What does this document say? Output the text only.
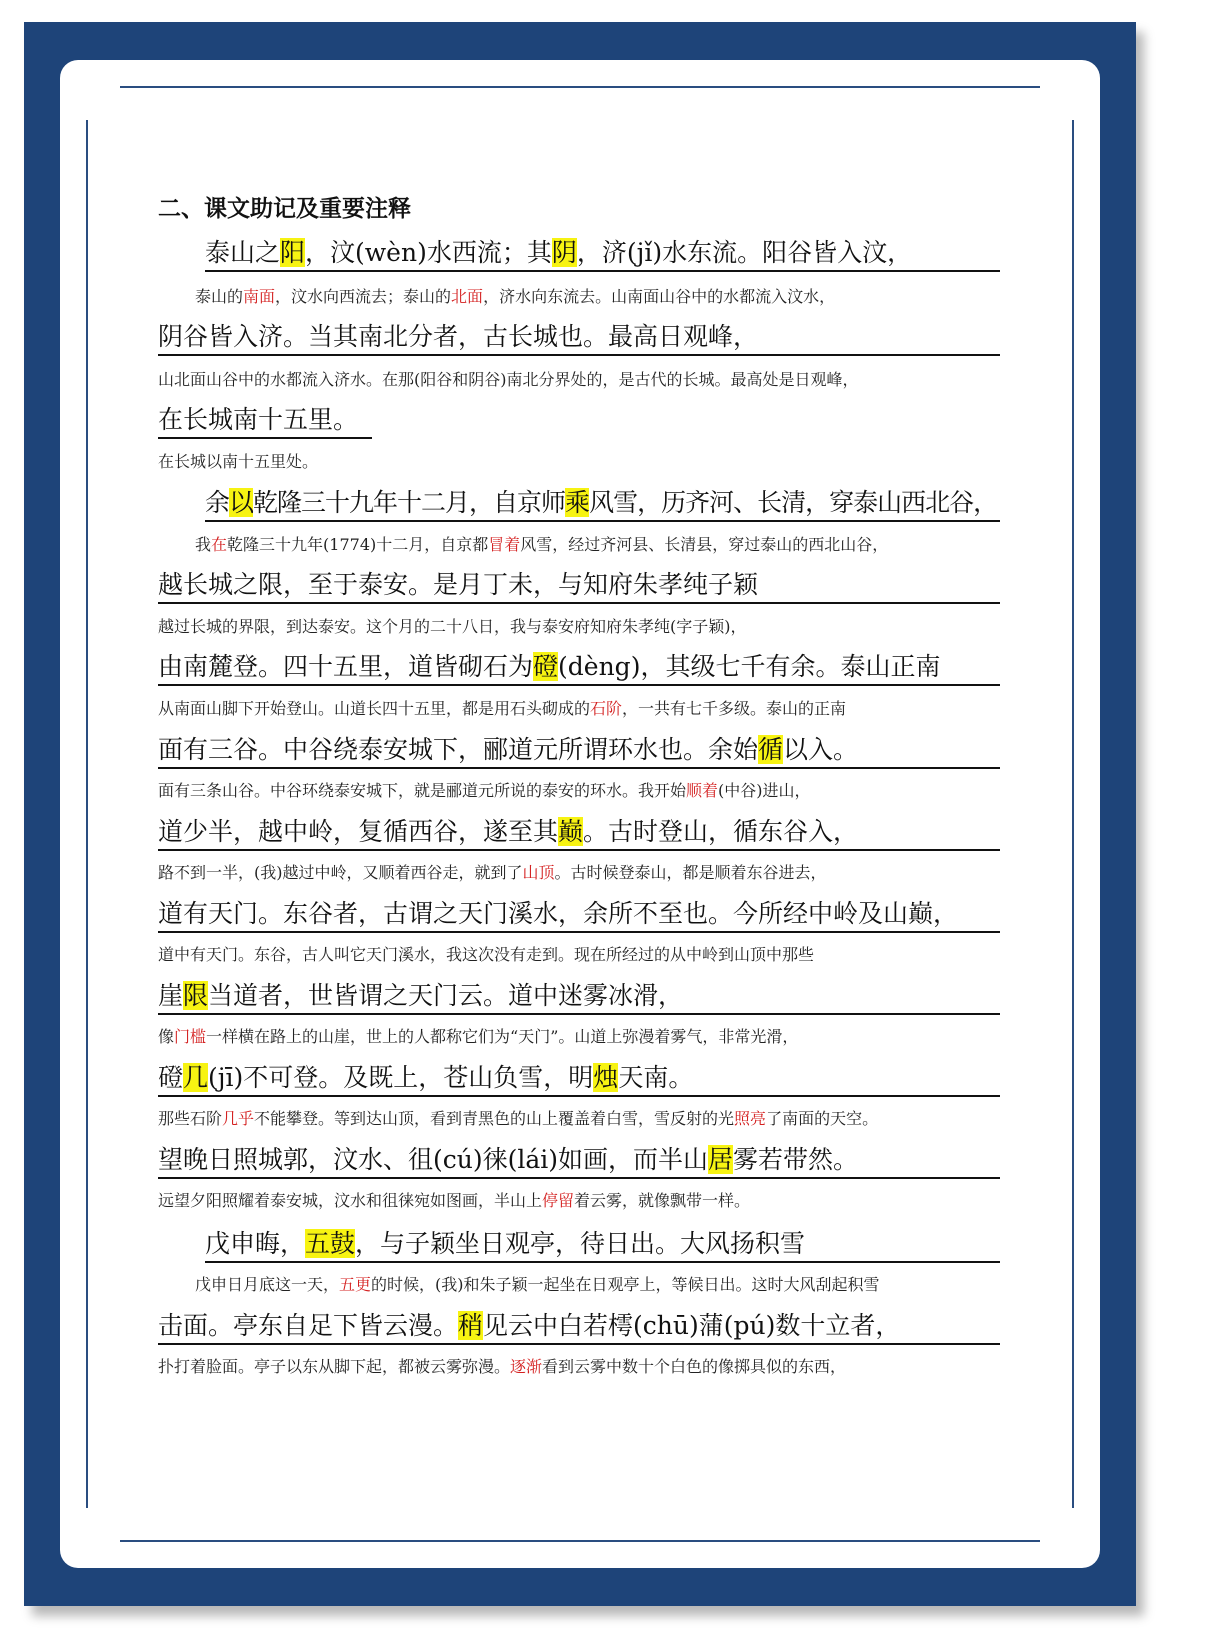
二、课文助记及重要注释
泰山之阳，汶(wèn)水西流；其阴，济(jǐ)水东流。阳谷皆入汶，
泰山的南面，汶水向西流去；泰山的北面，济水向东流去。山南面山谷中的水都流入汶水，
阴谷皆入济。当其南北分者，古长城也。最高日观峰，
山北面山谷中的水都流入济水。在那(阳谷和阴谷)南北分界处的，是古代的长城。最高处是日观峰，
在长城南十五里。
在长城以南十五里处。
余以乾隆三十九年十二月，自京师乘风雪，历齐河、长清，穿泰山西北谷，
我在乾隆三十九年(1774)十二月，自京都冒着风雪，经过齐河县、长清县，穿过泰山的西北山谷，
越长城之限，至于泰安。是月丁未，与知府朱孝纯子颖
越过长城的界限，到达泰安。这个月的二十八日，我与泰安府知府朱孝纯(字子颖)，
由南麓登。四十五里，道皆砌石为磴(dèng)，其级七千有余。泰山正南
从南面山脚下开始登山。山道长四十五里，都是用石头砌成的石阶，一共有七千多级。泰山的正南
面有三谷。中谷绕泰安城下，郦道元所谓环水也。余始循以入。
面有三条山谷。中谷环绕泰安城下，就是郦道元所说的泰安的环水。我开始顺着(中谷)进山，
道少半，越中岭，复循西谷，遂至其巅。古时登山，循东谷入，
路不到一半，(我)越过中岭，又顺着西谷走，就到了山顶。古时候登泰山，都是顺着东谷进去，
道有天门。东谷者，古谓之天门溪水，余所不至也。今所经中岭及山巅，
道中有天门。东谷，古人叫它天门溪水，我这次没有走到。现在所经过的从中岭到山顶中那些
崖限当道者，世皆谓之天门云。道中迷雾冰滑，
像门槛一样横在路上的山崖，世上的人都称它们为“天门”。山道上弥漫着雾气，非常光滑，
磴几(jī)不可登。及既上，苍山负雪，明烛天南。
那些石阶几乎不能攀登。等到达山顶，看到青黑色的山上覆盖着白雪，雪反射的光照亮了南面的天空。
望晚日照城郭，汶水、徂(cú)徕(lái)如画，而半山居雾若带然。
远望夕阳照耀着泰安城，汶水和徂徕宛如图画，半山上停留着云雾，就像飘带一样。
戊申晦，五鼓，与子颖坐日观亭，待日出。大风扬积雪
戊申日月底这一天，五更的时候，(我)和朱子颖一起坐在日观亭上，等候日出。这时大风刮起积雪
击面。亭东自足下皆云漫。稍见云中白若樗(chū)蒲(pú)数十立者，
扑打着脸面。亭子以东从脚下起，都被云雾弥漫。逐渐看到云雾中数十个白色的像掷具似的东西，
